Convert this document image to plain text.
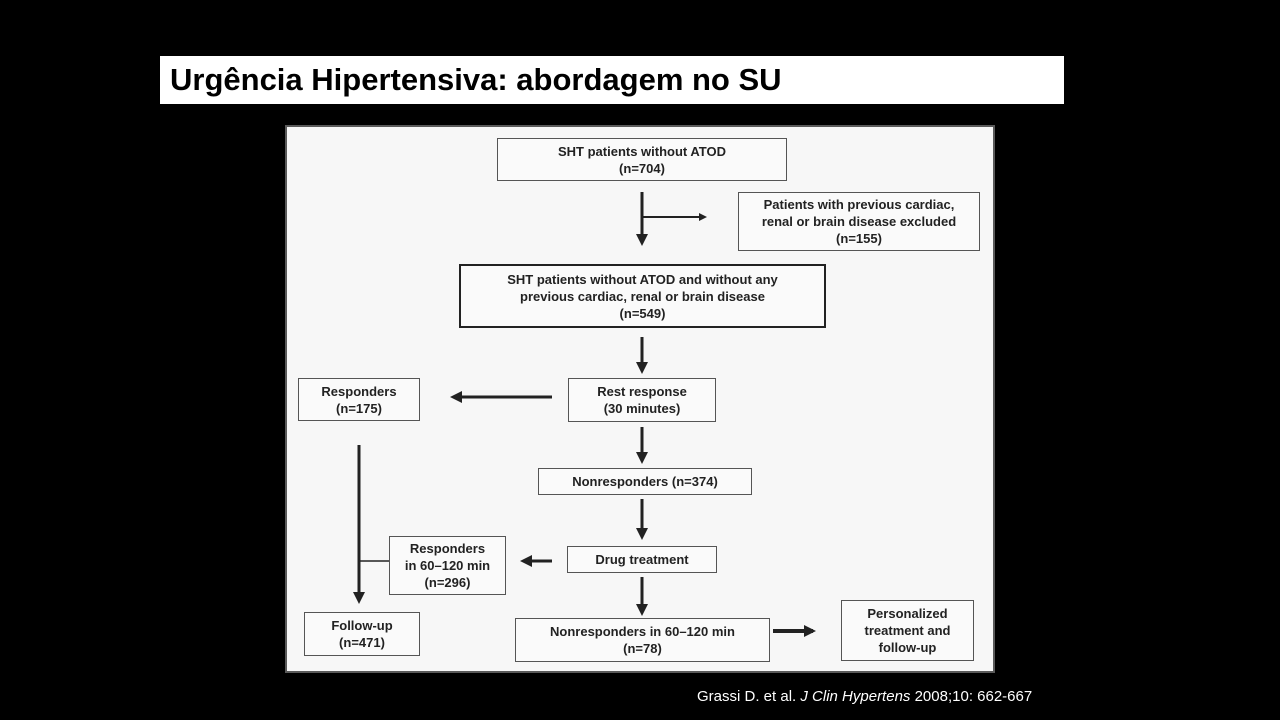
Urgência Hipertensiva: abordagem no SU
SHT patients without ATOD
(n=704)
Patients with previous cardiac,
renal or brain disease excluded
(n=155)
SHT patients without ATOD and without any
previous cardiac, renal or brain disease
(n=549)
Rest response
(30 minutes)
Responders
(n=175)
Nonresponders (n=374)
Drug treatment
Responders
in 60–120 min
(n=296)
Follow-up
(n=471)
Nonresponders in 60–120 min
(n=78)
Personalized
treatment and
follow-up
Grassi D. et al. J Clin Hypertens 2008;10: 662-667
